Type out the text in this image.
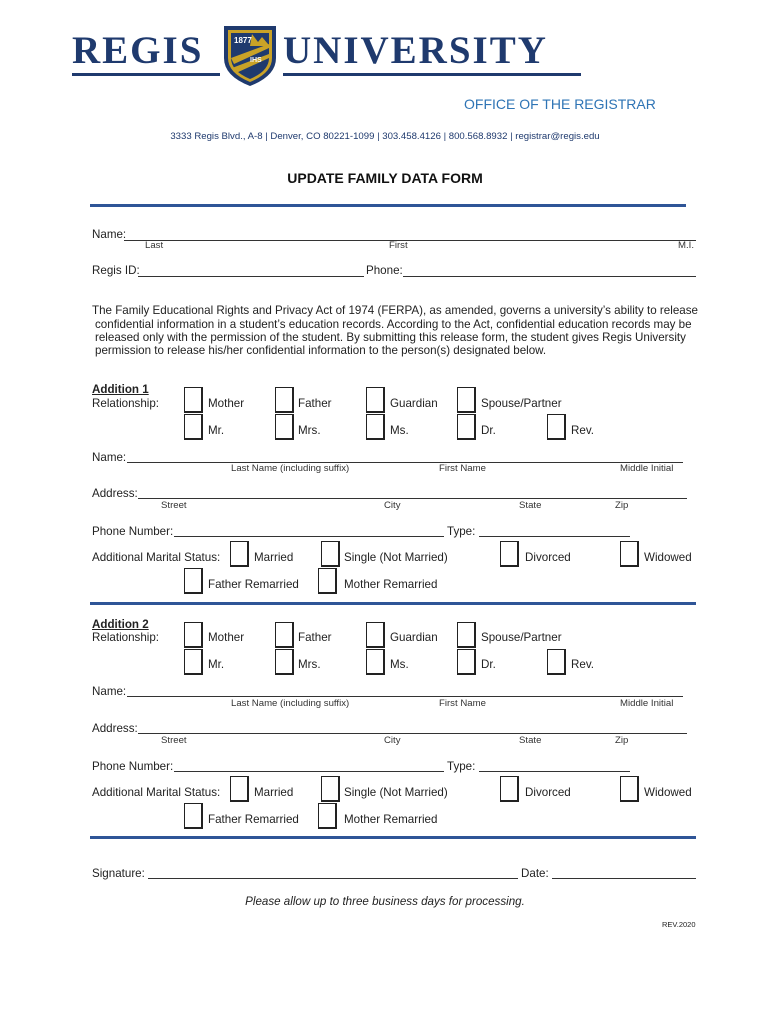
REGIS UNIVERSITY
1877
IHS
OFFICE OF THE REGISTRAR
3333 Regis Blvd., A-8 | Denver, CO 80221-1099 | 303.458.4126 | 800.568.8932 | registrar@regis.edu
UPDATE FAMILY DATA FORM
Name:
Last	First	M.I.
Regis ID:	Phone:
The Family Educational Rights and Privacy Act of 1974 (FERPA), as amended, governs a university’s ability to release
confidential information in a student’s education records. According to the Act, confidential education records may be
released only with the permission of the student. By submitting this release form, the student gives Regis University
permission to release his/her confidential information to the person(s) designated below.
Addition 1
Relationship:	Mother	Father	Guardian	Spouse/Partner
Mr.	Mrs.	Ms.	Dr.	Rev.
Name:
Last Name (including suffix)	First Name	Middle Initial
Address:
Street	City	State	Zip
Phone Number:	Type:
Additional Marital Status:	Married	Single (Not Married)	Divorced	Widowed
Father Remarried	Mother Remarried
Addition 2
Relationship:	Mother	Father	Guardian	Spouse/Partner
Mr.	Mrs.	Ms.	Dr.	Rev.
Name:
Last Name (including suffix)	First Name	Middle Initial
Address:
Street	City	State	Zip
Phone Number:	Type:
Additional Marital Status:	Married	Single (Not Married)	Divorced	Widowed
Father Remarried	Mother Remarried
Signature:	Date:
Please allow up to three business days for processing.
REV.2020
